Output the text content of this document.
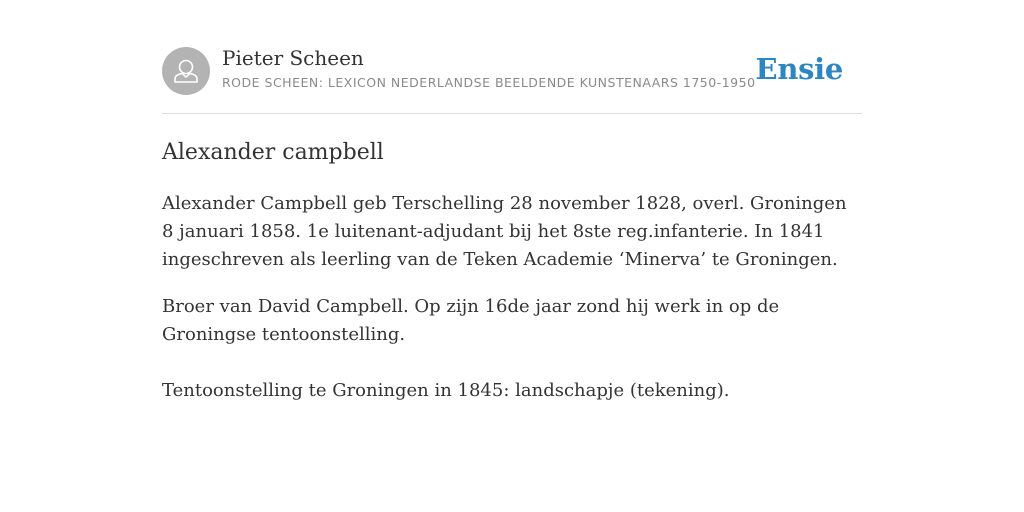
Pieter Scheen
RODE SCHEEN: LEXICON NEDERLANDSE BEELDENDE KUNSTENAARS 1750-1950 Ensie
Alexander campbell

Alexander Campbell geb Terschelling 28 november 1828, overl. Groningen 8 januari 1858. 1e luitenant-adjudant bij het 8ste reg.infanterie. In 1841 ingeschreven als leerling van de Teken Academie ‘Minerva’ te Groningen.

Broer van David Campbell. Op zijn 16de jaar zond hij werk in op de Groningse tentoonstelling.

Tentoonstelling te Groningen in 1845: landschapje (tekening).
